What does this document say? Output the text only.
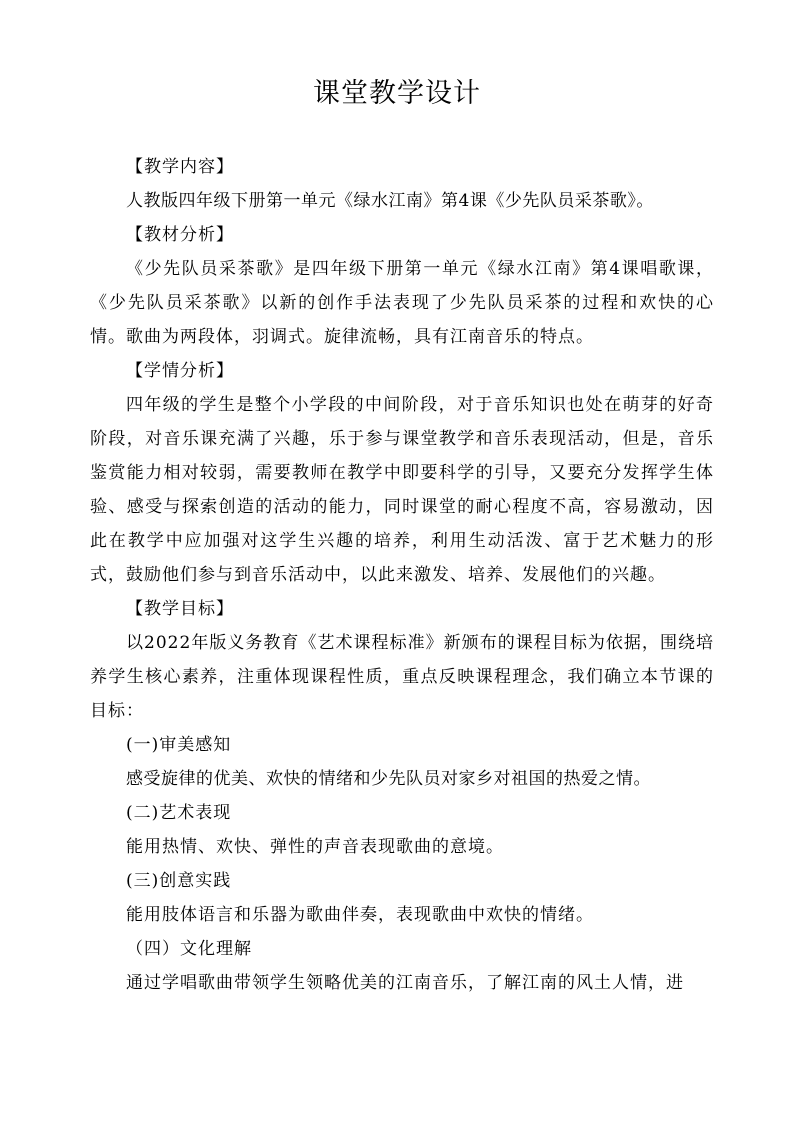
课堂教学设计
【教学内容】

人教版四年级下册第一单元《绿水江南》第4课《少先队员采茶歌》。

【教材分析】

《少先队员采茶歌》是四年级下册第一单元《绿水江南》第4课唱歌课，《少先队员采茶歌》以新的创作手法表现了少先队员采茶的过程和欢快的心情。歌曲为两段体，羽调式。旋律流畅，具有江南音乐的特点。

【学情分析】

四年级的学生是整个小学段的中间阶段，对于音乐知识也处在萌芽的好奇阶段，对音乐课充满了兴趣，乐于参与课堂教学和音乐表现活动，但是，音乐鉴赏能力相对较弱，需要教师在教学中即要科学的引导，又要充分发挥学生体验、感受与探索创造的活动的能力，同时课堂的耐心程度不高，容易激动，因此在教学中应加强对这学生兴趣的培养，利用生动活泼、富于艺术魅力的形式，鼓励他们参与到音乐活动中，以此来激发、培养、发展他们的兴趣。

【教学目标】

以2022年版义务教育《艺术课程标准》新颁布的课程目标为依据，围绕培养学生核心素养，注重体现课程性质，重点反映课程理念，我们确立本节课的目标：

(一)审美感知

感受旋律的优美、欢快的情绪和少先队员对家乡对祖国的热爱之情。

(二)艺术表现

能用热情、欢快、弹性的声音表现歌曲的意境。

(三)创意实践

能用肢体语言和乐器为歌曲伴奏，表现歌曲中欢快的情绪。

（四）文化理解

通过学唱歌曲带领学生领略优美的江南音乐，了解江南的风土人情，进
